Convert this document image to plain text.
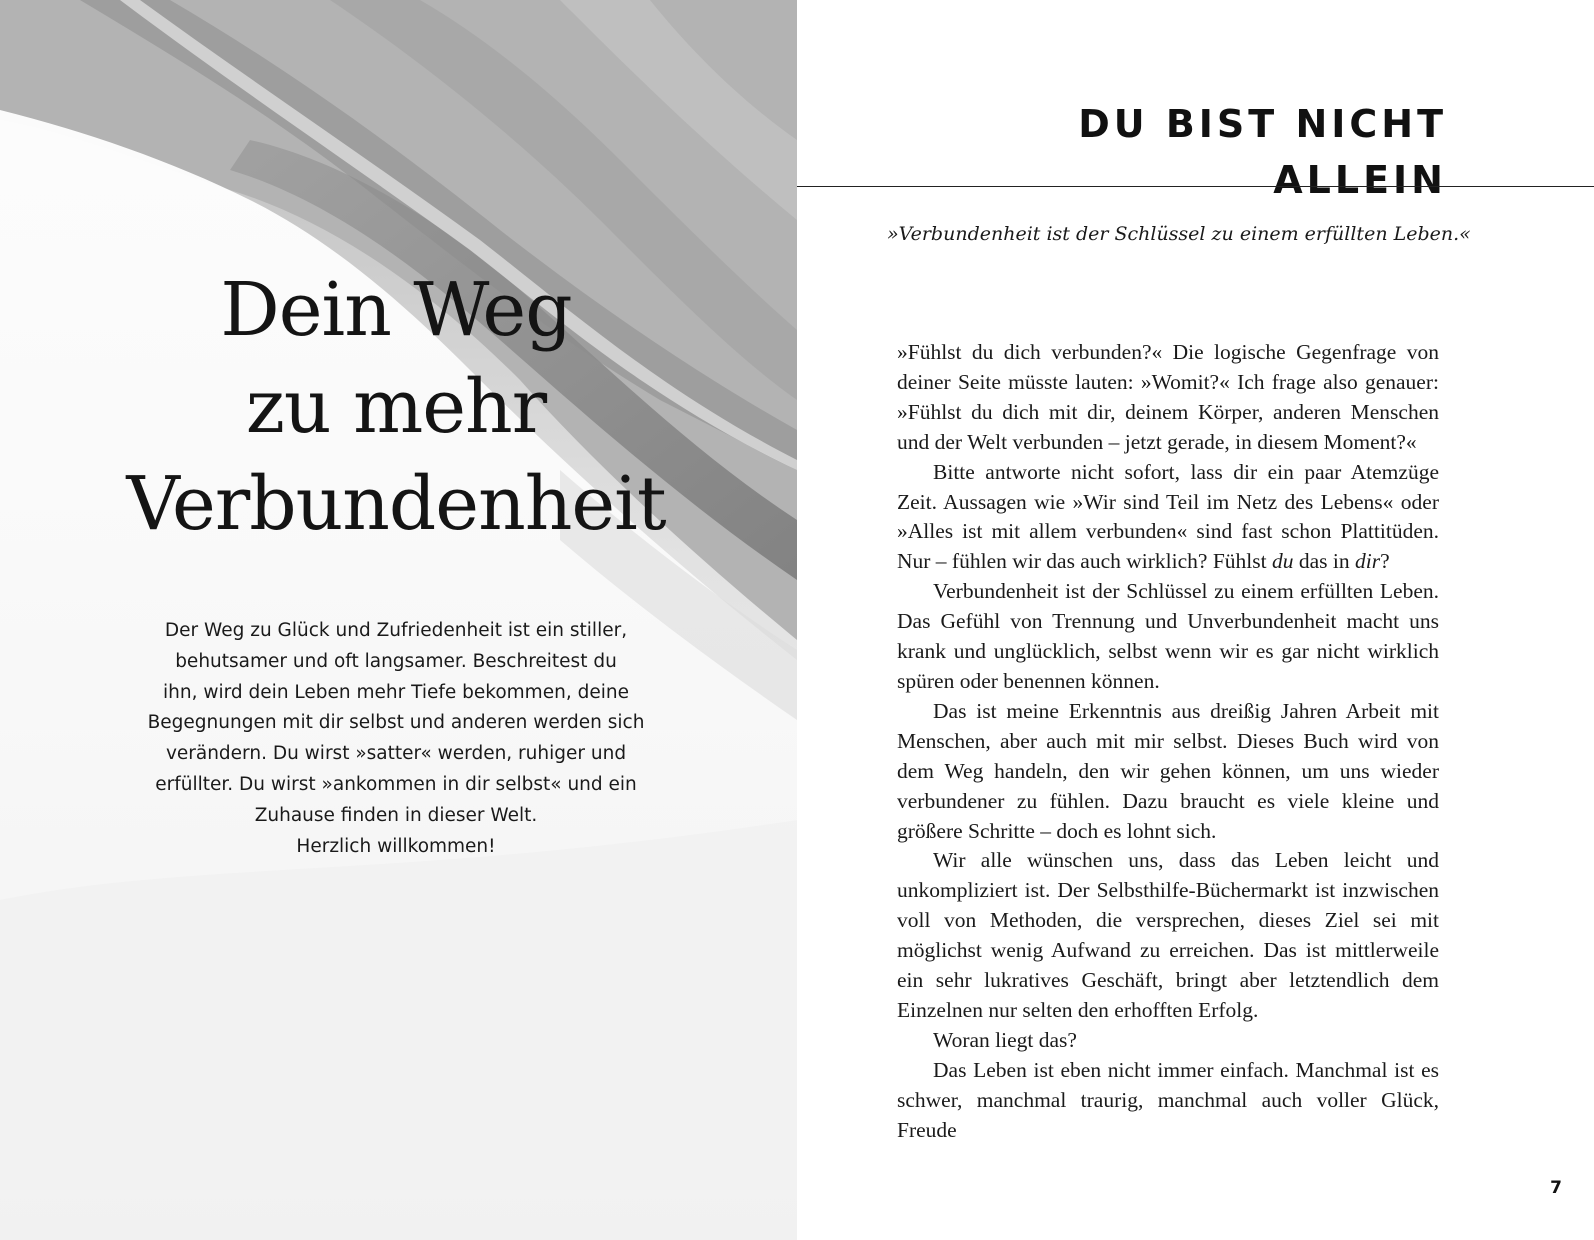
Dein Weg
zu mehr
Verbundenheit
Der Weg zu Glück und Zufriedenheit ist ein stiller,
behutsamer und oft langsamer. Beschreitest du
ihn, wird dein Leben mehr Tiefe bekommen, deine
Begegnungen mit dir selbst und anderen werden sich
verändern. Du wirst »satter« werden, ruhiger und
erfüllter. Du wirst »ankommen in dir selbst« und ein
Zuhause finden in dieser Welt.
Herzlich willkommen!
DU BIST NICHT ALLEIN
»Verbundenheit ist der Schlüssel zu einem erfüllten Leben.«

»Fühlst du dich verbunden?« Die logische Gegenfrage von deiner Seite müsste lauten: »Womit?« Ich frage also genauer: »Fühlst du dich mit dir, deinem Körper, anderen Menschen und der Welt verbunden – jetzt gerade, in diesem Moment?«

Bitte antworte nicht sofort, lass dir ein paar Atemzüge Zeit. Aussagen wie »Wir sind Teil im Netz des Lebens« oder »Alles ist mit allem verbunden« sind fast schon Plattitüden. Nur – fühlen wir das auch wirklich? Fühlst du das in dir?

Verbundenheit ist der Schlüssel zu einem erfüllten Leben. Das Gefühl von Trennung und Unverbundenheit macht uns krank und unglücklich, selbst wenn wir es gar nicht wirklich spüren oder benennen können.

Das ist meine Erkenntnis aus dreißig Jahren Arbeit mit Menschen, aber auch mit mir selbst. Dieses Buch wird von dem Weg handeln, den wir gehen können, um uns wieder verbundener zu fühlen. Dazu braucht es viele kleine und größere Schritte – doch es lohnt sich.

Wir alle wünschen uns, dass das Leben leicht und unkompliziert ist. Der Selbsthilfe-Büchermarkt ist inzwischen voll von Methoden, die versprechen, dieses Ziel sei mit möglichst wenig Aufwand zu erreichen. Das ist mittlerweile ein sehr lukratives Geschäft, bringt aber letztendlich dem Einzelnen nur selten den erhofften Erfolg.

Woran liegt das?

Das Leben ist eben nicht immer einfach. Manchmal ist es schwer, manchmal traurig, manchmal auch voller Glück, Freude

7
